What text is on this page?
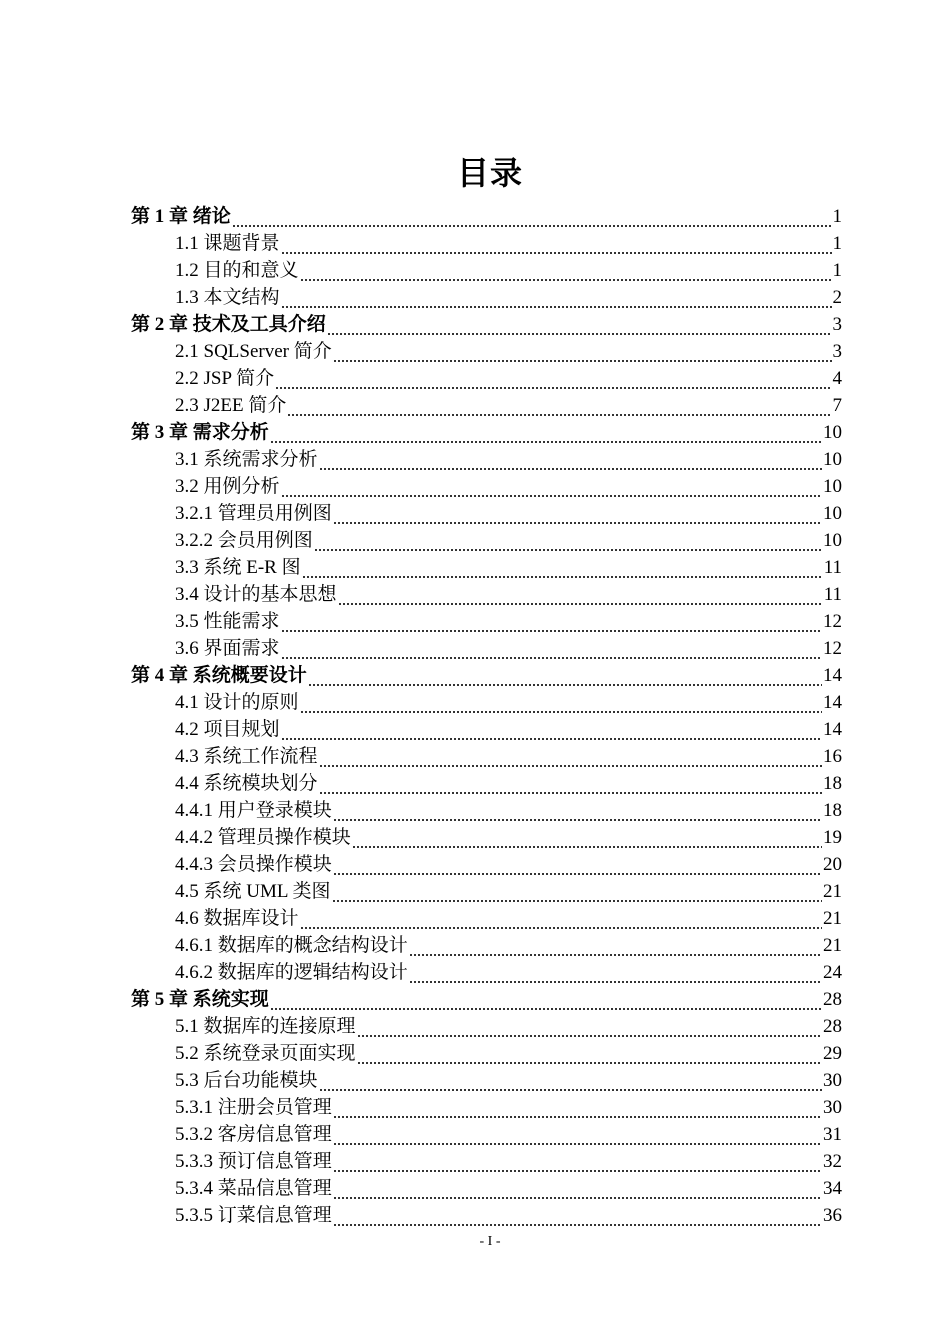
目录
第 1 章 绪论	1
1.1 课题背景	1
1.2 目的和意义	1
1.3 本文结构	2
第 2 章 技术及工具介绍	3
2.1 SQLServer 简介	3
2.2 JSP 简介	4
2.3 J2EE 简介	7
第 3 章 需求分析	10
3.1 系统需求分析	10
3.2 用例分析	10
3.2.1 管理员用例图	10
3.2.2 会员用例图	10
3.3 系统 E-R 图	11
3.4 设计的基本思想	11
3.5 性能需求	12
3.6 界面需求	12
第 4 章 系统概要设计	14
4.1 设计的原则	14
4.2 项目规划	14
4.3 系统工作流程	16
4.4 系统模块划分	18
4.4.1 用户登录模块	18
4.4.2 管理员操作模块	19
4.4.3 会员操作模块	20
4.5 系统 UML 类图	21
4.6 数据库设计	21
4.6.1 数据库的概念结构设计	21
4.6.2 数据库的逻辑结构设计	24
第 5 章 系统实现	28
5.1 数据库的连接原理	28
5.2 系统登录页面实现	29
5.3 后台功能模块	30
5.3.1 注册会员管理	30
5.3.2 客房信息管理	31
5.3.3 预订信息管理	32
5.3.4 菜品信息管理	34
5.3.5 订菜信息管理	36
- I -
